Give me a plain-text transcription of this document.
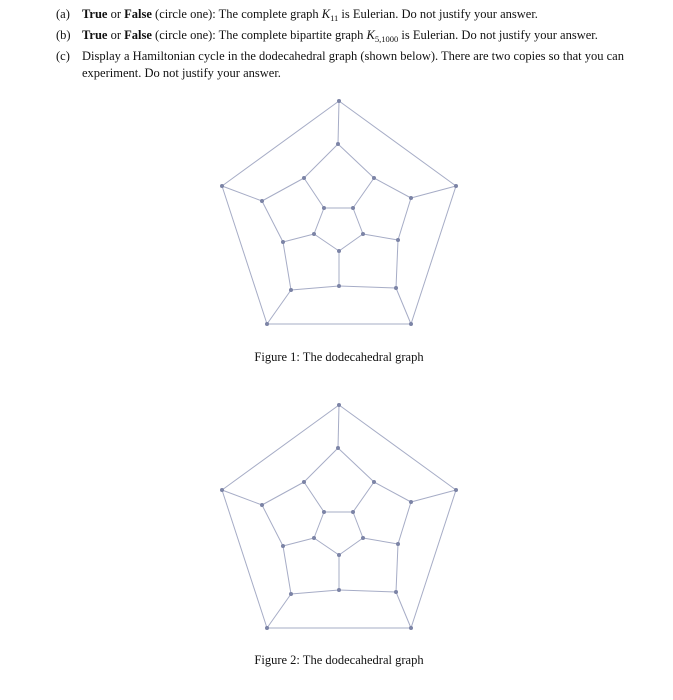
(a) True or False (circle one): The complete graph $K_{11}$ is Eulerian. Do not justify your answer.
(b) True or False (circle one): The complete bipartite graph $K_{5,1000}$ is Eulerian. Do not justify your answer.
(c) Display a Hamiltonian cycle in the dodecahedral graph (shown below). There are two copies so that you can experiment. Do not justify your answer.
Figure 1: The dodecahedral graph
Figure 2: The dodecahedral graph
